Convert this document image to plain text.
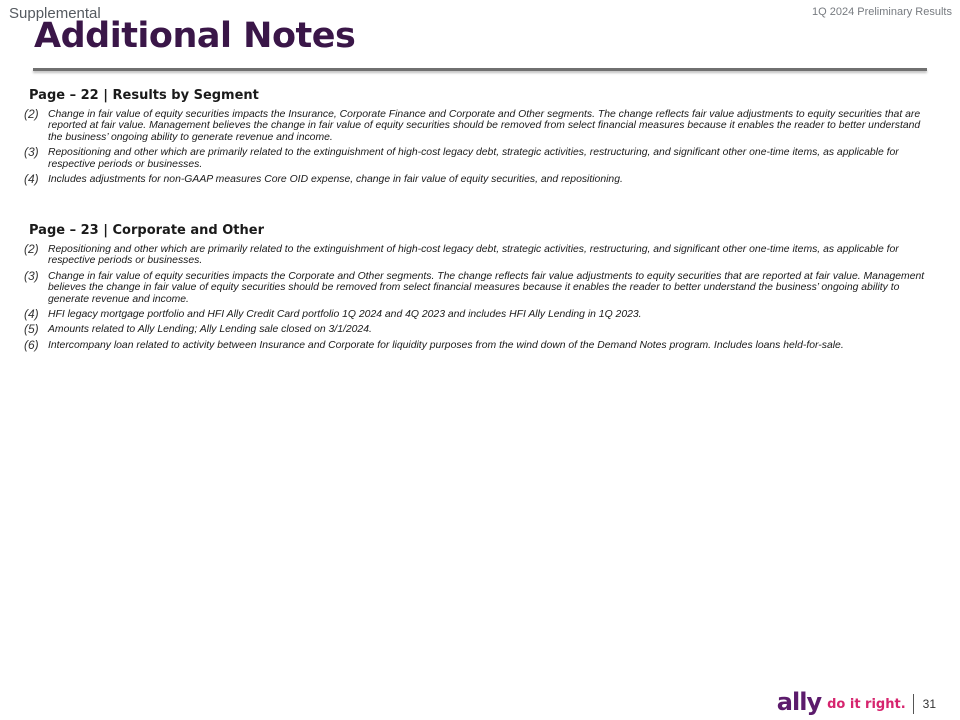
Supplemental	1Q 2024 Preliminary Results
Additional Notes
Page – 22 | Results by Segment
(2) Change in fair value of equity securities impacts the Insurance, Corporate Finance and Corporate and Other segments. The change reflects fair value adjustments to equity securities that are reported at fair value. Management believes the change in fair value of equity securities should be removed from select financial measures because it enables the reader to better understand the business’ ongoing ability to generate revenue and income.
(3) Repositioning and other which are primarily related to the extinguishment of high-cost legacy debt, strategic activities, restructuring, and significant other one-time items, as applicable for respective periods or businesses.
(4) Includes adjustments for non-GAAP measures Core OID expense, change in fair value of equity securities, and repositioning.
Page – 23 | Corporate and Other
(2) Repositioning and other which are primarily related to the extinguishment of high-cost legacy debt, strategic activities, restructuring, and significant other one-time items, as applicable for respective periods or businesses.
(3) Change in fair value of equity securities impacts the Corporate and Other segments. The change reflects fair value adjustments to equity securities that are reported at fair value. Management believes the change in fair value of equity securities should be removed from select financial measures because it enables the reader to better understand the business’ ongoing ability to generate revenue and income.
(4) HFI legacy mortgage portfolio and HFI Ally Credit Card portfolio 1Q 2024 and 4Q 2023 and includes HFI Ally Lending in 1Q 2023.
(5) Amounts related to Ally Lending; Ally Lending sale closed on 3/1/2024.
(6) Intercompany loan related to activity between Insurance and Corporate for liquidity purposes from the wind down of the Demand Notes program. Includes loans held-for-sale.
ally do it right. 31
